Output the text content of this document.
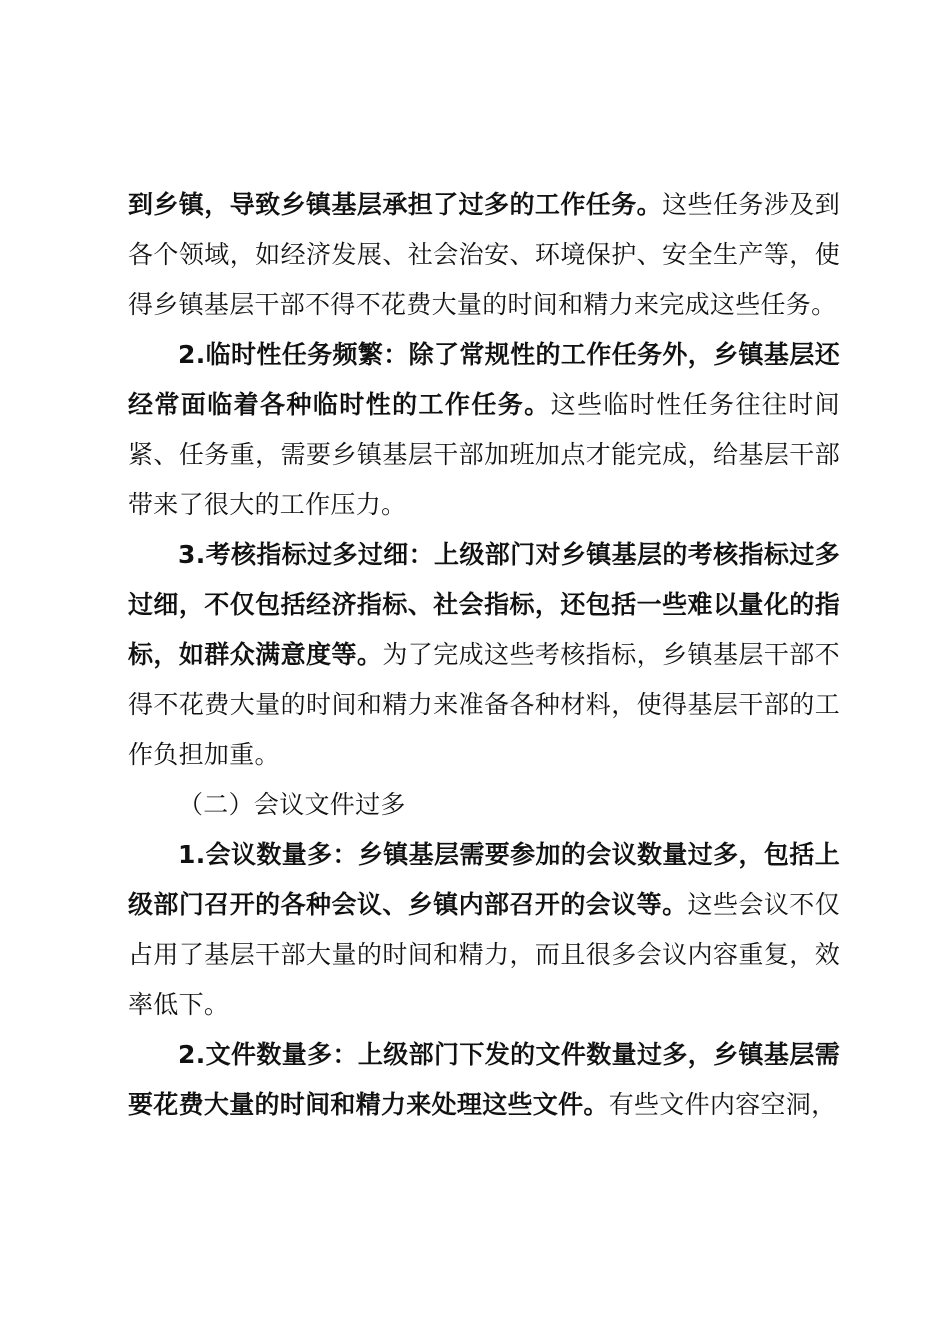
到乡镇，导致乡镇基层承担了过多的工作任务。这些任务涉及到各个领域，如经济发展、社会治安、环境保护、安全生产等，使得乡镇基层干部不得不花费大量的时间和精力来完成这些任务。

2.临时性任务频繁：除了常规性的工作任务外，乡镇基层还经常面临着各种临时性的工作任务。这些临时性任务往往时间紧、任务重，需要乡镇基层干部加班加点才能完成，给基层干部带来了很大的工作压力。

3.考核指标过多过细：上级部门对乡镇基层的考核指标过多过细，不仅包括经济指标、社会指标，还包括一些难以量化的指标，如群众满意度等。为了完成这些考核指标，乡镇基层干部不得不花费大量的时间和精力来准备各种材料，使得基层干部的工作负担加重。

（二）会议文件过多

1.会议数量多：乡镇基层需要参加的会议数量过多，包括上级部门召开的各种会议、乡镇内部召开的会议等。这些会议不仅占用了基层干部大量的时间和精力，而且很多会议内容重复，效率低下。

2.文件数量多：上级部门下发的文件数量过多，乡镇基层需要花费大量的时间和精力来处理这些文件。有些文件内容空洞，
